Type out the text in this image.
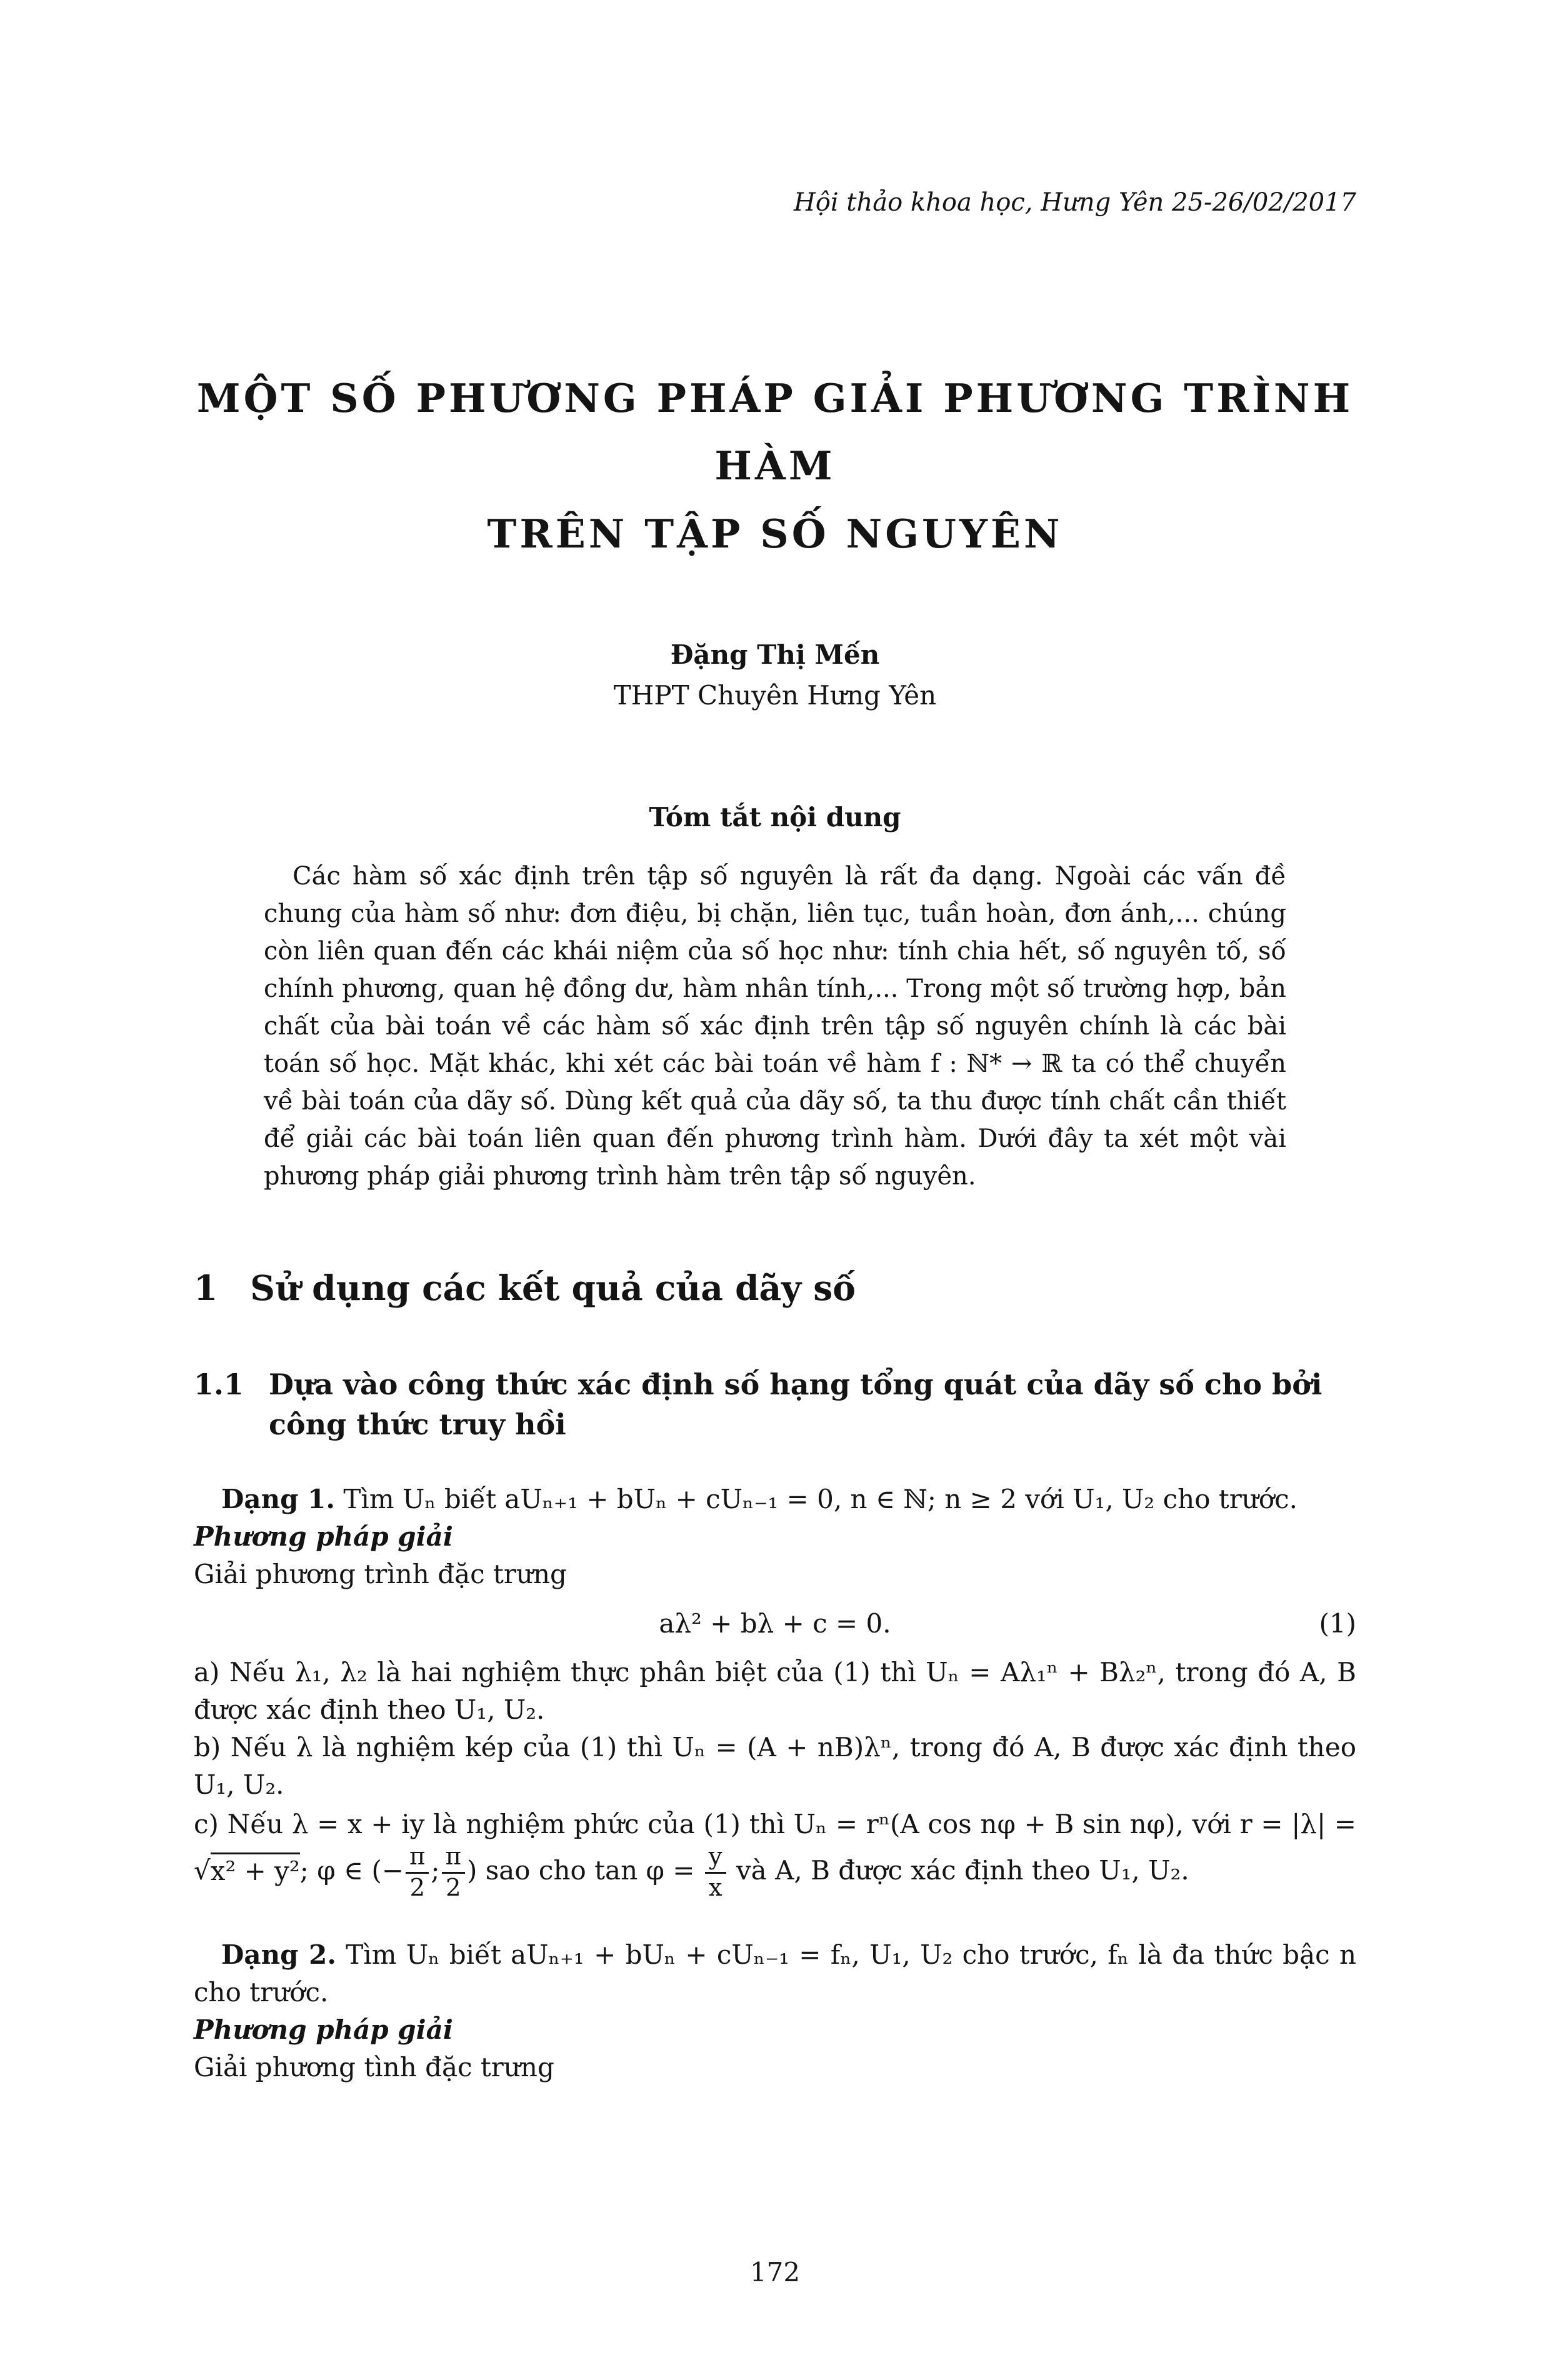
Hội thảo khoa học, Hưng Yên 25-26/02/2017
MỘT SỐ PHƯƠNG PHÁP GIẢI PHƯƠNG TRÌNH HÀM
TRÊN TẬP SỐ NGUYÊN
Đặng Thị Mến
THPT Chuyên Hưng Yên
Tóm tắt nội dung
Các hàm số xác định trên tập số nguyên là rất đa dạng. Ngoài các vấn đề chung của hàm số như: đơn điệu, bị chặn, liên tục, tuần hoàn, đơn ánh,... chúng còn liên quan đến các khái niệm của số học như: tính chia hết, số nguyên tố, số chính phương, quan hệ đồng dư, hàm nhân tính,... Trong một số trường hợp, bản chất của bài toán về các hàm số xác định trên tập số nguyên chính là các bài toán số học. Mặt khác, khi xét các bài toán về hàm f : ℕ* → ℝ ta có thể chuyển về bài toán của dãy số. Dùng kết quả của dãy số, ta thu được tính chất cần thiết để giải các bài toán liên quan đến phương trình hàm. Dưới đây ta xét một vài phương pháp giải phương trình hàm trên tập số nguyên.
1 Sử dụng các kết quả của dãy số
1.1 Dựa vào công thức xác định số hạng tổng quát của dãy số cho bởi công thức truy hồi

Dạng 1. Tìm Uₙ biết aUₙ₊₁ + bUₙ + cUₙ₋₁ = 0, n ∈ ℕ; n ≥ 2 với U₁, U₂ cho trước.

Phương pháp giải

Giải phương trình đặc trưng

aλ² + bλ + c = 0.	(1)

a) Nếu λ₁, λ₂ là hai nghiệm thực phân biệt của (1) thì Uₙ = Aλ₁ⁿ + Bλ₂ⁿ, trong đó A, B được xác định theo U₁, U₂.

b) Nếu λ là nghiệm kép của (1) thì Uₙ = (A + nB)λⁿ, trong đó A, B được xác định theo U₁, U₂.

c) Nếu λ = x + iy là nghiệm phức của (1) thì Uₙ = rⁿ(A cos nφ + B sin nφ), với r = |λ| = √x² + y²; φ ∈ (− $\frac{\pi}{2}$ ; $\frac{\pi}{2}$ ) sao cho $\tan \varphi = \frac{y}{x}$ và A, B được xác định theo U₁, U₂.

Dạng 2. Tìm Uₙ biết aUₙ₊₁ + bUₙ + cUₙ₋₁ = fₙ, U₁, U₂ cho trước, fₙ là đa thức bậc n cho trước.

Phương pháp giải

Giải phương tình đặc trưng

172
